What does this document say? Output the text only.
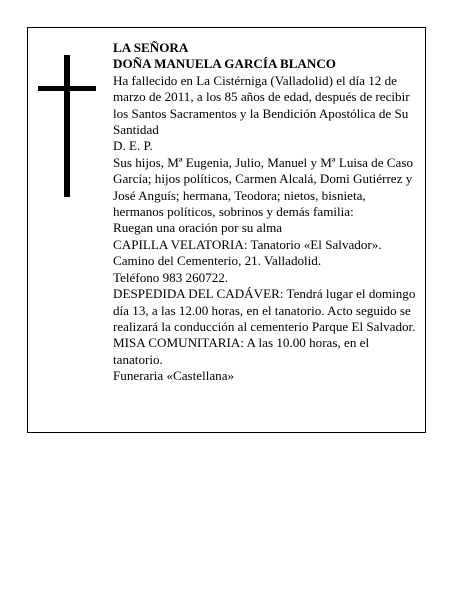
LA SEÑORA

DOÑA MANUELA GARCÍA BLANCO

Ha fallecido en La Cistérniga (Valladolid) el día 12 de marzo de 2011, a los 85 años de edad, después de recibir los Santos Sacramentos y la Bendición Apostólica de Su Santidad

D. E. P.

Sus hijos, Mª Eugenia, Julio, Manuel y Mª Luisa de Caso García; hijos políticos, Carmen Alcalá, Domi Gutiérrez y José Anguís; hermana, Teodora; nietos, bisnieta, hermanos políticos, sobrinos y demás familia:

Ruegan una oración por su alma

CAPILLA VELATORIA: Tanatorio «El Salvador».

Camino del Cementerio, 21. Valladolid.

Teléfono 983 260722.

DESPEDIDA DEL CADÁVER: Tendrá lugar el domingo día 13, a las 12.00 horas, en el tanatorio. Acto seguido se realizará la conducción al cementerio Parque El Salvador.

MISA COMUNITARIA: A las 10.00 horas, en el tanatorio.

Funeraria «Castellana»
